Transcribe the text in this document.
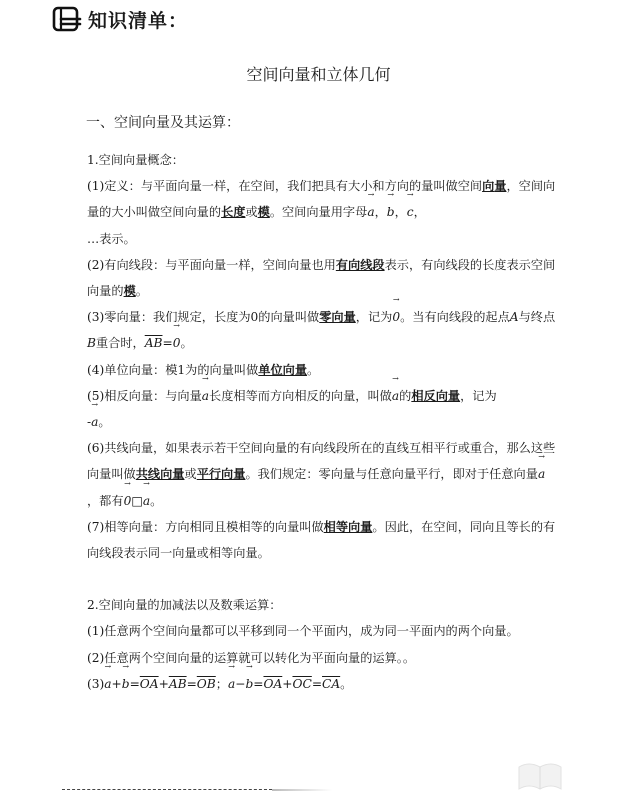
知识清单：
空间向量和立体几何
一、空间向量及其运算：

1.空间向量概念：

(1)定义：与平面向量一样，在空间，我们把具有大小和方向的量叫做空间向量，空间向量的大小叫做空间向量的长度或模。空间向量用字母→ a，→ b，→ c，
…表示。

(2)有向线段：与平面向量一样，空间向量也用有向线段表示，有向线段的长度表示空间向量的模。

(3)零向量：我们规定，长度为0的向量叫做零向量，记为→ 0。当有向线段的起点A与终点B重合时，$\overline{AB}=\to 0$。

(4)单位向量：模1为的向量叫做单位向量。

(5)相反向量：与向量→ a长度相等而方向相反的向量，叫做→ a的相反向量，记为
-→ a。

(6)共线向量，如果表示若干空间向量的有向线段所在的直线互相平行或重合，那么这些向量叫做共线向量或平行向量。我们规定：零向量与任意向量平行，即对于任意向量→ a，都有→ 0□→ a。

(7)相等向量：方向相同且模相等的向量叫做相等向量。因此，在空间，同向且等长的有向线段表示同一向量或相等向量。

2.空间向量的加减法以及数乘运算：

(1)任意两个空间向量都可以平移到同一个平面内，成为同一平面内的两个向量。

(2)任意两个空间向量的运算就可以转化为平面向量的运算。。

$(3)\to a+\to b=\overline{OA}+\overline{AB}=\overline{OB}$；→ $a-\to b=\overline{OA}+\overline{OC}=\overline{CA}$。
